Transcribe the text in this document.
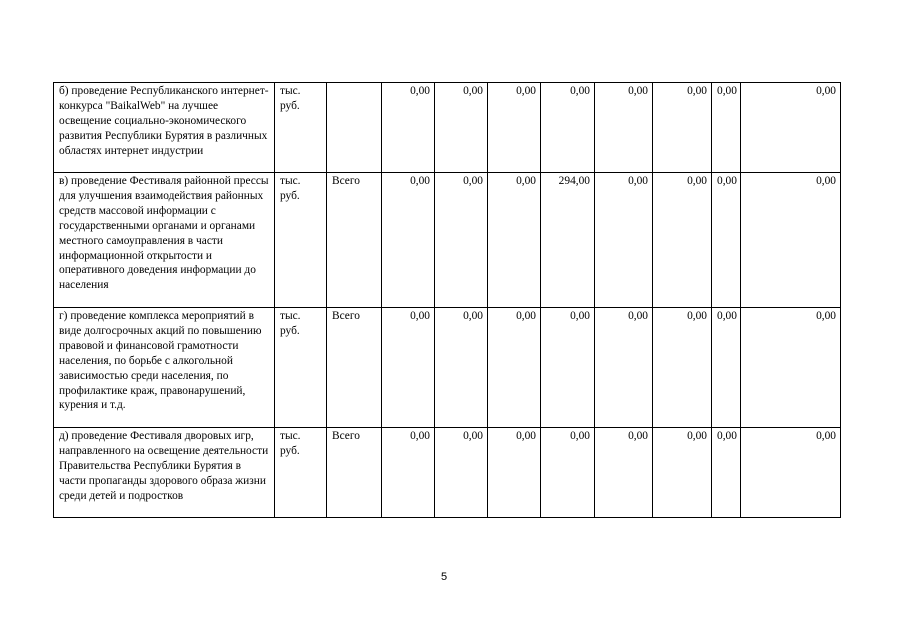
б) проведение Республиканского интернет-конкурса "BaikalWeb" на лучшее освещение социально-экономического развития Республики Бурятия в различных областях интернет индустрии	тыс. руб.		0,00	0,00	0,00	0,00	0,00	0,00	0,00	0,00
в) проведение Фестиваля районной прессы для улучшения взаимодействия районных средств массовой информации с государственными органами и органами местного самоуправления в части информационной открытости и оперативного доведения информации до населения	тыс. руб.	Всего	0,00	0,00	0,00	294,00	0,00	0,00	0,00	0,00
г) проведение комплекса мероприятий в виде долгосрочных акций по повышению правовой и финансовой грамотности населения, по борьбе с алкогольной зависимостью среди населения, по профилактике краж, правонарушений, курения и т.д.	тыс. руб.	Всего	0,00	0,00	0,00	0,00	0,00	0,00	0,00	0,00
д) проведение Фестиваля дворовых игр, направленного на освещение деятельности Правительства Республики Бурятия в части пропаганды здорового образа жизни среди детей и подростков	тыс. руб.	Всего	0,00	0,00	0,00	0,00	0,00	0,00	0,00	0,00
5
